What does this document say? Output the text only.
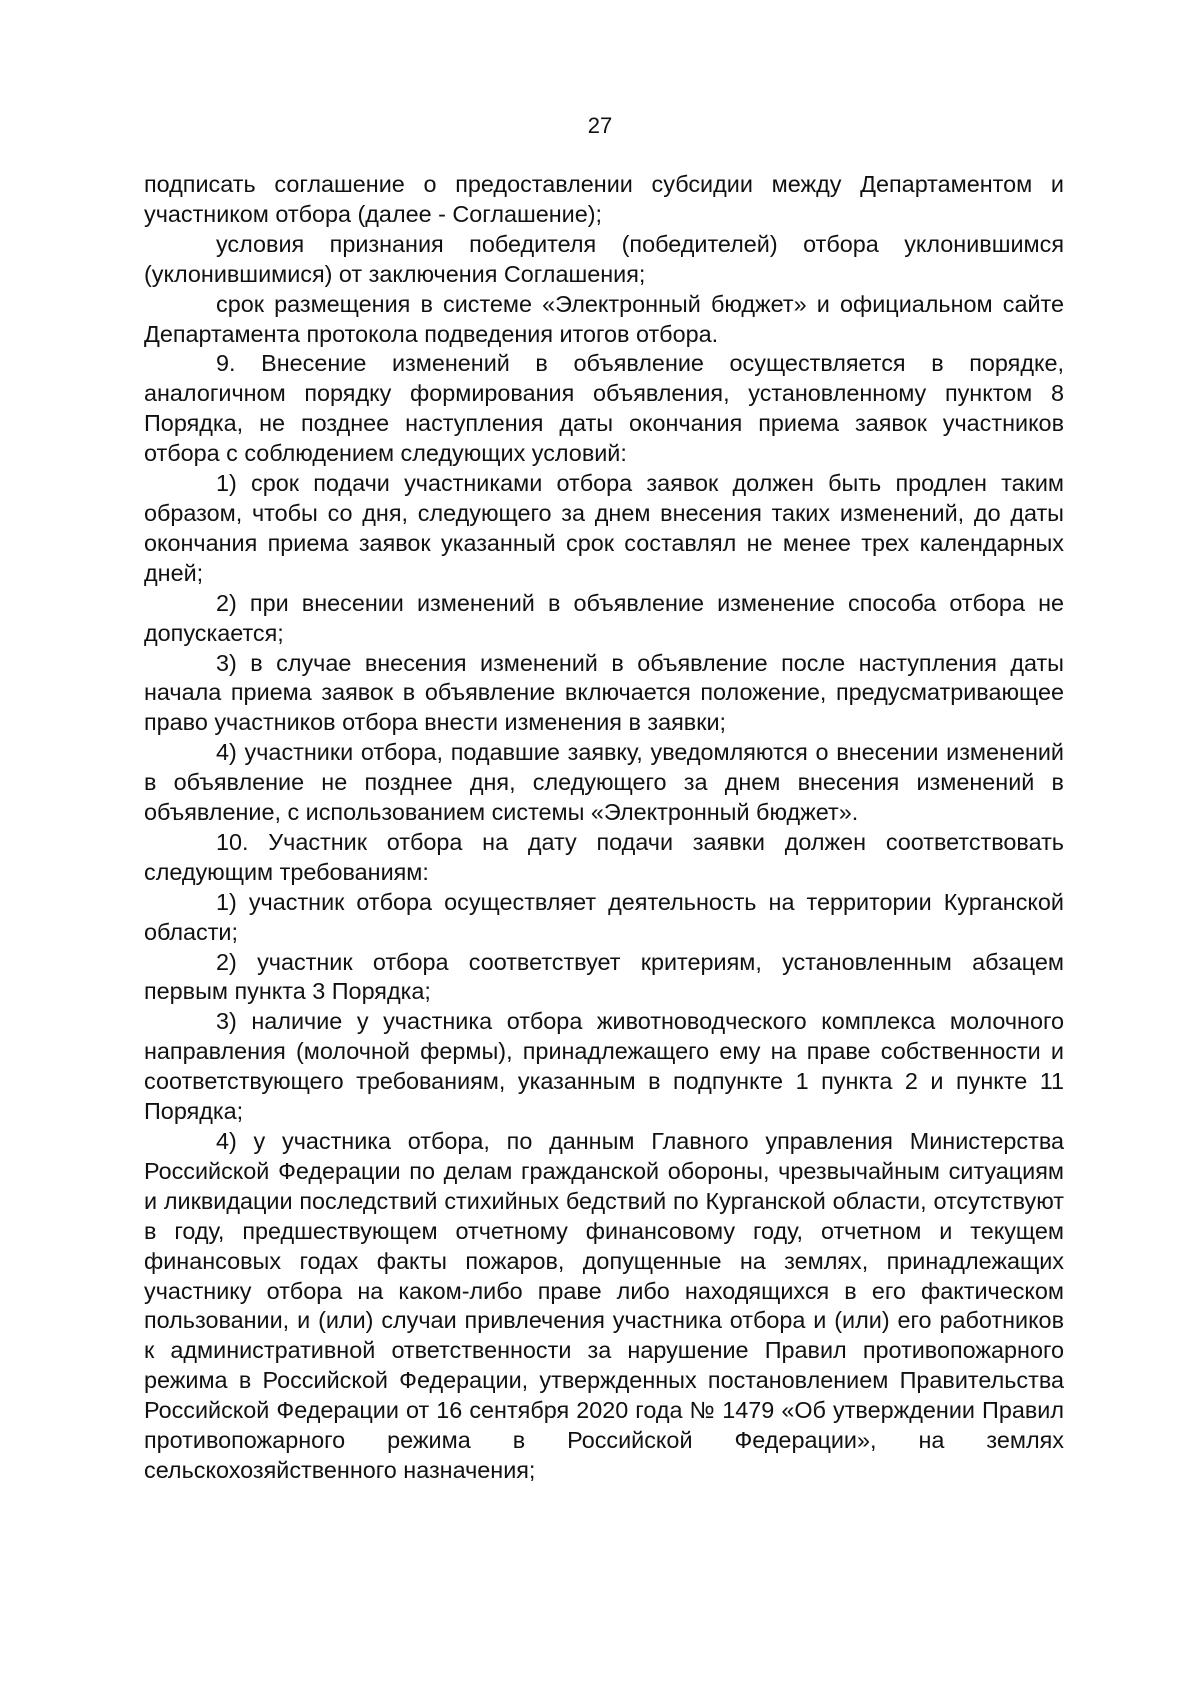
27

подписать соглашение о предоставлении субсидии между Департаментом и участником отбора (далее - Соглашение);

условия признания победителя (победителей) отбора уклонившимся (уклонившимися) от заключения Соглашения;

срок размещения в системе «Электронный бюджет» и официальном сайте Департамента протокола подведения итогов отбора.

9. Внесение изменений в объявление осуществляется в порядке, аналогичном порядку формирования объявления, установленному пунктом 8 Порядка, не позднее наступления даты окончания приема заявок участников отбора с соблюдением следующих условий:

1) срок подачи участниками отбора заявок должен быть продлен таким образом, чтобы со дня, следующего за днем внесения таких изменений, до даты окончания приема заявок указанный срок составлял не менее трех календарных дней;

2) при внесении изменений в объявление изменение способа отбора не допускается;

3) в случае внесения изменений в объявление после наступления даты начала приема заявок в объявление включается положение, предусматривающее право участников отбора внести изменения в заявки;

4) участники отбора, подавшие заявку, уведомляются о внесении изменений в объявление не позднее дня, следующего за днем внесения изменений в объявление, с использованием системы «Электронный бюджет».

10. Участник отбора на дату подачи заявки должен соответствовать следующим требованиям:

1) участник отбора осуществляет деятельность на территории Курганской области;

2) участник отбора соответствует критериям, установленным абзацем первым пункта 3 Порядка;

3) наличие у участника отбора животноводческого комплекса молочного направления (молочной фермы), принадлежащего ему на праве собственности и соответствующего требованиям, указанным в подпункте 1 пункта 2 и пункте 11 Порядка;

4) у участника отбора, по данным Главного управления Министерства Российской Федерации по делам гражданской обороны, чрезвычайным ситуациям и ликвидации последствий стихийных бедствий по Курганской области, отсутствуют в году, предшествующем отчетному финансовому году, отчетном и текущем финансовых годах факты пожаров, допущенные на землях, принадлежащих участнику отбора на каком-либо праве либо находящихся в его фактическом пользовании, и (или) случаи привлечения участника отбора и (или) его работников к административной ответственности за нарушение Правил противопожарного режима в Российской Федерации, утвержденных постановлением Правительства Российской Федерации от 16 сентября 2020 года № 1479 «Об утверждении Правил противопожарного режима в Российской Федерации», на землях сельскохозяйственного назначения;
